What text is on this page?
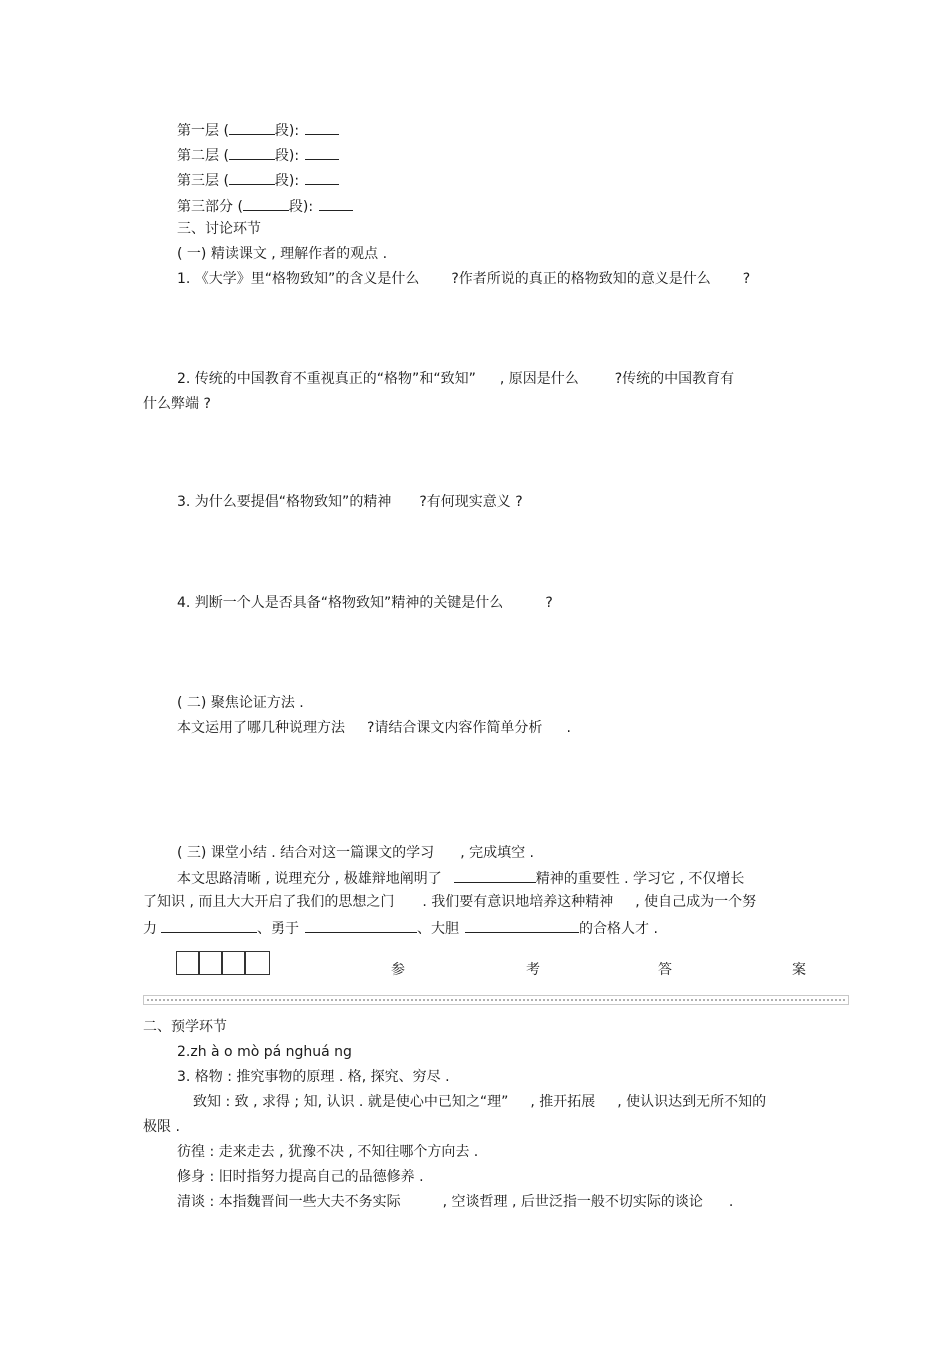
第一层 (	段):
第二层 (	段):
第三层 (	段):
第三部分 (	段):
三、讨论环节
( 一) 精读课文 , 理解作者的观点 .
1. 《大学》里“格物致知”的含义是什么 ?作者所说的真正的格物致知的意义是什么 ?
2. 传统的中国教育不重视真正的“格物”和“致知” , 原因是什么	?传统的中国教育有
什么弊端 ?
3. 为什么要提倡“格物致知”的精神 ?有何现实意义 ?
4. 判断一个人是否具备“格物致知”精神的关键是什么	?
( 二) 聚焦论证方法 .
本文运用了哪几种说理方法 ?请结合课文内容作简单分析 .
( 三) 课堂小结 . 结合对这一篇课文的学习 , 完成填空 .
本文思路清晰 , 说理充分 , 极雄辩地阐明了	精神的重要性 . 学习它 , 不仅增长
了知识 , 而且大大开启了我们的思想之门 . 我们要有意识地培养这种精神 , 使自己成为一个努
力	、勇于	、大胆	的合格人才 .
参	考	答	案
二、预学环节
2.zh à o mò pá nghuá ng
3. 格物 : 推究事物的原理 . 格, 探究、穷尽 .
致知 : 致 , 求得 ; 知, 认识 . 就是使心中已知之“理” , 推开拓展 , 使认识达到无所不知的
极限 .
彷徨 : 走来走去 , 犹豫不决 , 不知往哪个方向去 .
修身 : 旧时指努力提高自己的品德修养 .
清谈 : 本指魏晋间一些大夫不务实际	, 空谈哲理 , 后世泛指一般不切实际的谈论 .
